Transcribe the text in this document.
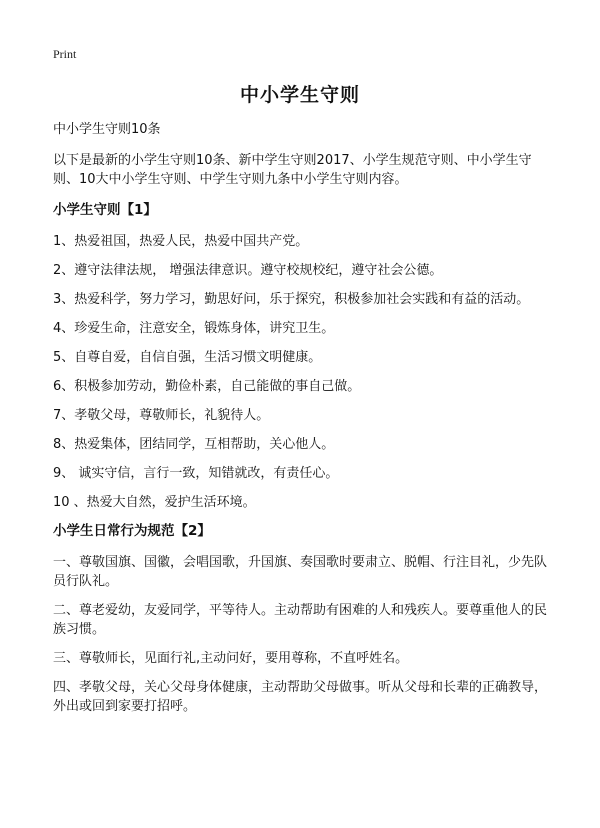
Print
中小学生守则

中小学生守则10条

以下是最新的小学生守则10条、新中学生守则2017、小学生规范守则、中小学生守则、10大中小学生守则、中学生守则九条中小学生守则内容。

小学生守则【1】

1、热爱祖国，热爱人民，热爱中国共产党。

2、遵守法律法规， 增强法律意识。遵守校规校纪，遵守社会公德。

3、热爱科学，努力学习，勤思好问，乐于探究，积极参加社会实践和有益的活动。

4、珍爱生命，注意安全，锻炼身体，讲究卫生。

5、自尊自爱，自信自强，生活习惯文明健康。

6、积极参加劳动，勤俭朴素，自己能做的事自己做。

7、孝敬父母，尊敬师长，礼貌待人。

8、热爱集体，团结同学，互相帮助，关心他人。

9、 诚实守信，言行一致，知错就改，有责任心。

10 、热爱大自然，爱护生活环境。

小学生日常行为规范【2】

一、尊敬国旗、国徽，会唱国歌，升国旗、奏国歌时要肃立、脱帽、行注目礼，少先队员行队礼。

二、尊老爱幼，友爱同学，平等待人。主动帮助有困难的人和残疾人。要尊重他人的民族习惯。

三、尊敬师长，见面行礼,主动问好，要用尊称，不直呼姓名。

四、孝敬父母，关心父母身体健康，主动帮助父母做事。听从父母和长辈的正确教导，外出或回到家要打招呼。
